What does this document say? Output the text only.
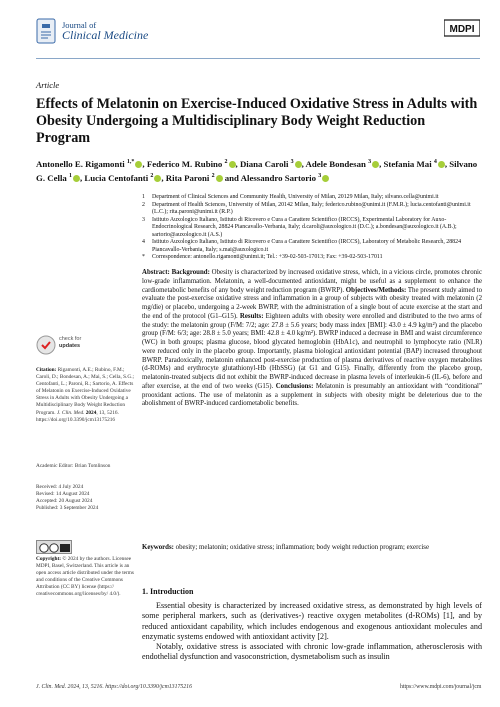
Journal of
Clinical Medicine	MDPI
Article
Effects of Melatonin on Exercise-Induced Oxidative Stress in Adults with Obesity Undergoing a Multidisciplinary Body Weight Reduction Program
Antonello E. Rigamonti $^{1,*}$ , Federico M. Rubino $^2$ , Diana Caroli $^3$ , Adele Bondesan $^3$ , Stefania Mai $^4$ , Silvano G. Cella $^1$ , Lucia Centofanti $^2$ , Rita Paroni $^2$ and Alessandro Sartorio $^3$
1	Department of Clinical Sciences and Community Health, University of Milan, 20129 Milan, Italy; silvano.cella@unimi.it
2	Department of Health Sciences, University of Milan, 20142 Milan, Italy; federico.rubino@unimi.it (F.M.R.); lucia.centofanti@unimi.it (L.C.); rita.paroni@unimi.it (R.P.)
3	Istituto Auxologico Italiano, Istituto di Ricovero e Cura a Carattere Scientifico (IRCCS), Experimental Laboratory for Auxo-Endocrinological Research, 28824 Piancavallo-Verbania, Italy; d.caroli@auxologico.it (D.C.); a.bondesan@auxologico.it (A.B.); sartorio@auxologico.it (A.S.)
4	Istituto Auxologico Italiano, Istituto di Ricovero e Cura a Carattere Scientifico (IRCCS), Laboratory of Metabolic Research, 28824 Piancavallo-Verbania, Italy; s.mai@auxologico.it
*	Correspondence: antonello.rigamonti@unimi.it; Tel.: +39-02-503-17013; Fax: +39-02-503-17011
Abstract: Background: Obesity is characterized by increased oxidative stress, which, in a vicious circle, promotes chronic low-grade inflammation. Melatonin, a well-documented antioxidant, might be useful as a supplement to enhance the cardiometabolic benefits of any body weight reduction program (BWRP). Objectives/Methods: The present study aimed to evaluate the post-exercise oxidative stress and inflammation in a group of subjects with obesity treated with melatonin (2 mg/die) or placebo, undergoing a 2-week BWRP, with the administration of a single bout of acute exercise at the start and the end of the protocol (G1–G15). Results: Eighteen adults with obesity were enrolled and distributed to the two arms of the study: the melatonin group (F/M: 7/2; age: 27.8 ± 5.6 years; body mass index [BMI]: 43.0 ± 4.9 kg/m²) and the placebo group (F/M: 6/3; age: 28.8 ± 5.0 years; BMI: 42.8 ± 4.0 kg/m²). BWRP induced a decrease in BMI and waist circumference (WC) in both groups; plasma glucose, blood glycated hemoglobin (HbA1c), and neutrophil to lymphocyte ratio (NLR) were reduced only in the placebo group. Importantly, plasma biological antioxidant potential (BAP) increased throughout BWRP. Paradoxically, melatonin enhanced post-exercise production of plasma derivatives of reactive oxygen metabolites (d-ROMs) and erythrocyte glutathionyl-Hb (HbSSG) (at G1 and G15). Finally, differently from the placebo group, melatonin-treated subjects did not exhibit the BWRP-induced decrease in plasma levels of interleukin-6 (IL-6), before and after exercise, at the end of two weeks (G15). Conclusions: Melatonin is presumably an antioxidant with “conditional” prooxidant actions. The use of melatonin as a supplement in subjects with obesity might be deleterious due to the abolishment of BWRP-induced cardiometabolic benefits.
Keywords: obesity; melatonin; oxidative stress; inflammation; body weight reduction program; exercise
check for
updates
Citation: Rigamonti, A.E.; Rubino, F.M.; Caroli, D.; Bondesan, A.; Mai, S.; Cella, S.G.; Centofanti, L.; Paroni, R.; Sartorio, A. Effects of Melatonin on Exercise-Induced Oxidative Stress in Adults with Obesity Undergoing a Multidisciplinary Body Weight Reduction Program. J. Clin. Med. 2024, 13, 5216. https://doi.org/10.3390/jcm13175216
Academic Editor: Brian Tomlinson
Received: 4 July 2024
Revised: 14 August 2024
Accepted: 20 August 2024
Published: 3 September 2024
Copyright: © 2024 by the authors. Licensee MDPI, Basel, Switzerland. This article is an open access article distributed under the terms and conditions of the Creative Commons Attribution (CC BY) license (https:// creativecommons.org/licenses/by/ 4.0/).	1. Introduction

Essential obesity is characterized by increased oxidative stress, as demonstrated by high levels of some peripheral markers, such as (derivatives-) reactive oxygen metabolites (d-ROMs) [1], and by reduced antioxidant capability, which includes endogenous and exogenous antioxidant molecules and enzymatic systems endowed with antioxidant activity [2].

Notably, oxidative stress is associated with chronic low-grade inflammation, atherosclerosis with endothelial dysfunction and vasoconstriction, dysmetabolism such as insulin

J. Clin. Med. 2024, 13, 5216. https://doi.org/10.3390/jcm13175216	https://www.mdpi.com/journal/jcm
